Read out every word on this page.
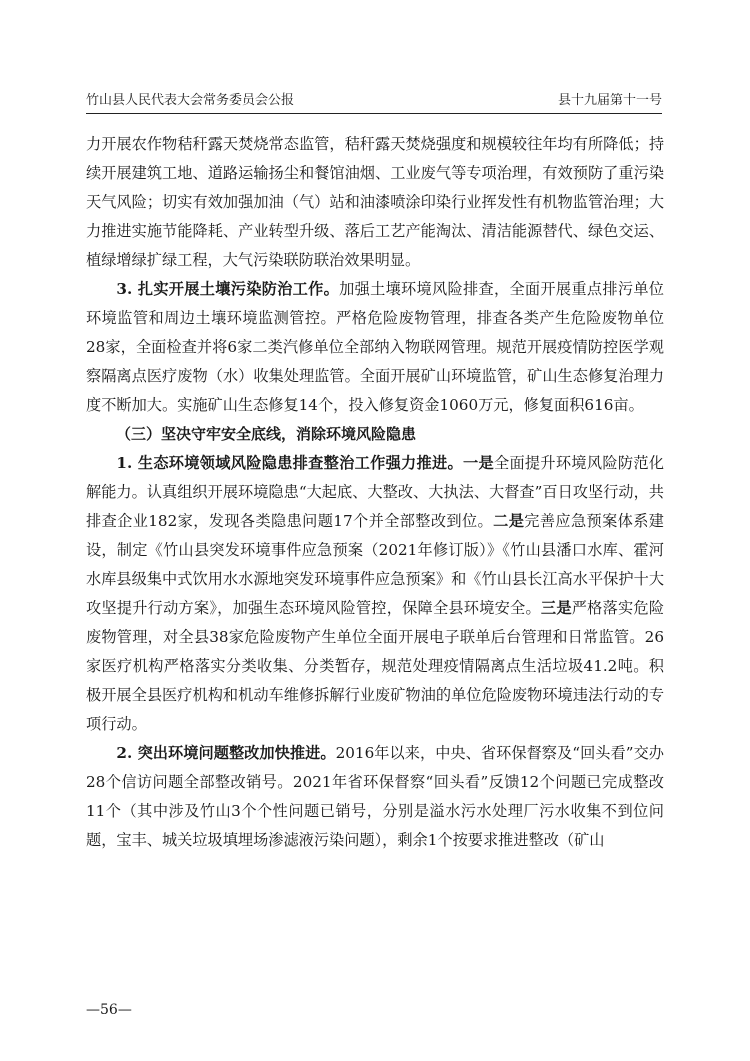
竹山县人民代表大会常务委员会公报	县十九届第十一号

力开展农作物秸秆露天焚烧常态监管，秸秆露天焚烧强度和规模较往年均有所降低；持续开展建筑工地、道路运输扬尘和餐馆油烟、工业废气等专项治理，有效预防了重污染天气风险；切实有效加强加油（气）站和油漆喷涂印染行业挥发性有机物监管治理；大力推进实施节能降耗、产业转型升级、落后工艺产能淘汰、清洁能源替代、绿色交运、植绿增绿扩绿工程，大气污染联防联治效果明显。

3. 扎实开展土壤污染防治工作。加强土壤环境风险排查，全面开展重点排污单位环境监管和周边土壤环境监测管控。严格危险废物管理，排查各类产生危险废物单位28家，全面检查并将6家二类汽修单位全部纳入物联网管理。规范开展疫情防控医学观察隔离点医疗废物（水）收集处理监管。全面开展矿山环境监管，矿山生态修复治理力度不断加大。实施矿山生态修复14个，投入修复资金1060万元，修复面积616亩。

（三）坚决守牢安全底线，消除环境风险隐患

1. 生态环境领域风险隐患排查整治工作强力推进。一是全面提升环境风险防范化解能力。认真组织开展环境隐患“大起底、大整改、大执法、大督查”百日攻坚行动，共排查企业182家，发现各类隐患问题17个并全部整改到位。二是完善应急预案体系建设，制定《竹山县突发环境事件应急预案（2021年修订版）》《竹山县潘口水库、霍河水库县级集中式饮用水水源地突发环境事件应急预案》和《竹山县长江高水平保护十大攻坚提升行动方案》，加强生态环境风险管控，保障全县环境安全。三是严格落实危险废物管理，对全县38家危险废物产生单位全面开展电子联单后台管理和日常监管。26家医疗机构严格落实分类收集、分类暂存，规范处理疫情隔离点生活垃圾41.2吨。积极开展全县医疗机构和机动车维修拆解行业废矿物油的单位危险废物环境违法行动的专项行动。

2. 突出环境问题整改加快推进。2016年以来，中央、省环保督察及“回头看”交办28个信访问题全部整改销号。2021年省环保督察“回头看”反馈12个问题已完成整改11个（其中涉及竹山3个个性问题已销号，分别是溢水污水处理厂污水收集不到位问题，宝丰、城关垃圾填埋场渗滤液污染问题），剩余1个按要求推进整改（矿山

—56—
